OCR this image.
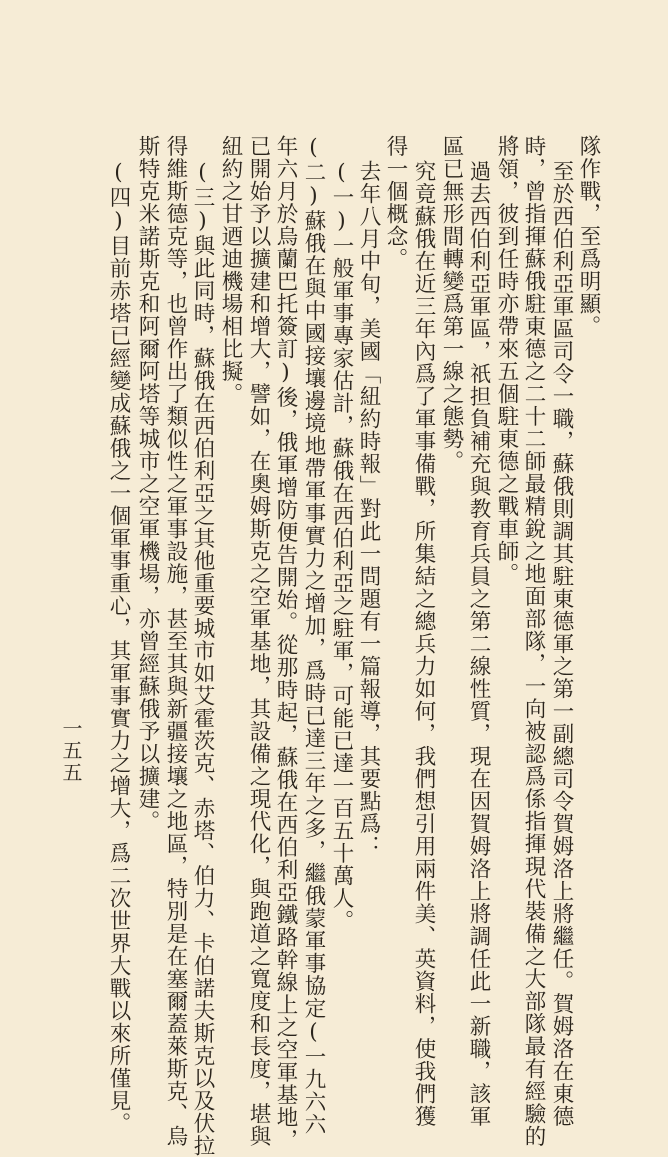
隊作戰，至爲明顯。
至於西伯利亞軍區司令一職，蘇俄則調其駐東德軍之第一副總司令賀姆洛上將繼任。賀姆洛在東德
時，曾指揮蘇俄駐東德之二十二師最精銳之地面部隊，一向被認爲係指揮現代裝備之大部隊最有經驗的
將領，彼到任時亦帶來五個駐東德之戰車師。
過去西伯利亞軍區，祇担負補充與教育兵員之第二線性質，現在因賀姆洛上將調任此一新職，該軍
區已無形間轉變爲第一線之態勢。
究竟蘇俄在近三年內爲了軍事備戰，所集結之總兵力如何，我們想引用兩件美、英資料，使我們獲
得一個概念。
去年八月中旬，美國「紐約時報」對此一問題有一篇報導，其要點爲：
(一)一般軍事專家估計，蘇俄在西伯利亞之駐軍，可能已達一百五十萬人。
(二)蘇俄在與中國接壤邊境地帶軍事實力之增加，爲時已達三年之多，繼俄蒙軍事協定(一九六六
年六月於烏蘭巴托簽訂)後，俄軍增防便告開始。從那時起，蘇俄在西伯利亞鐵路幹線上之空軍基地，
已開始予以擴建和增大，譬如，在奧姆斯克之空軍基地，其設備之現代化，與跑道之寬度和長度，堪與
紐約之甘迺迪機場相比擬。
(三)與此同時，蘇俄在西伯利亞之其他重要城市如艾霍茨克、赤塔、伯力、卡伯諾夫斯克以及伏拉
得維斯德克等，也曾作出了類似性之軍事設施，甚至其與新疆接壤之地區，特別是在塞爾蓋萊斯克、烏
斯特克米諾斯克和阿爾阿塔等城市之空軍機場，亦曾經蘇俄予以擴建。
(四)目前赤塔已經變成蘇俄之一個軍事重心，其軍事實力之增大，爲二次世界大戰以來所僅見。
一五五
